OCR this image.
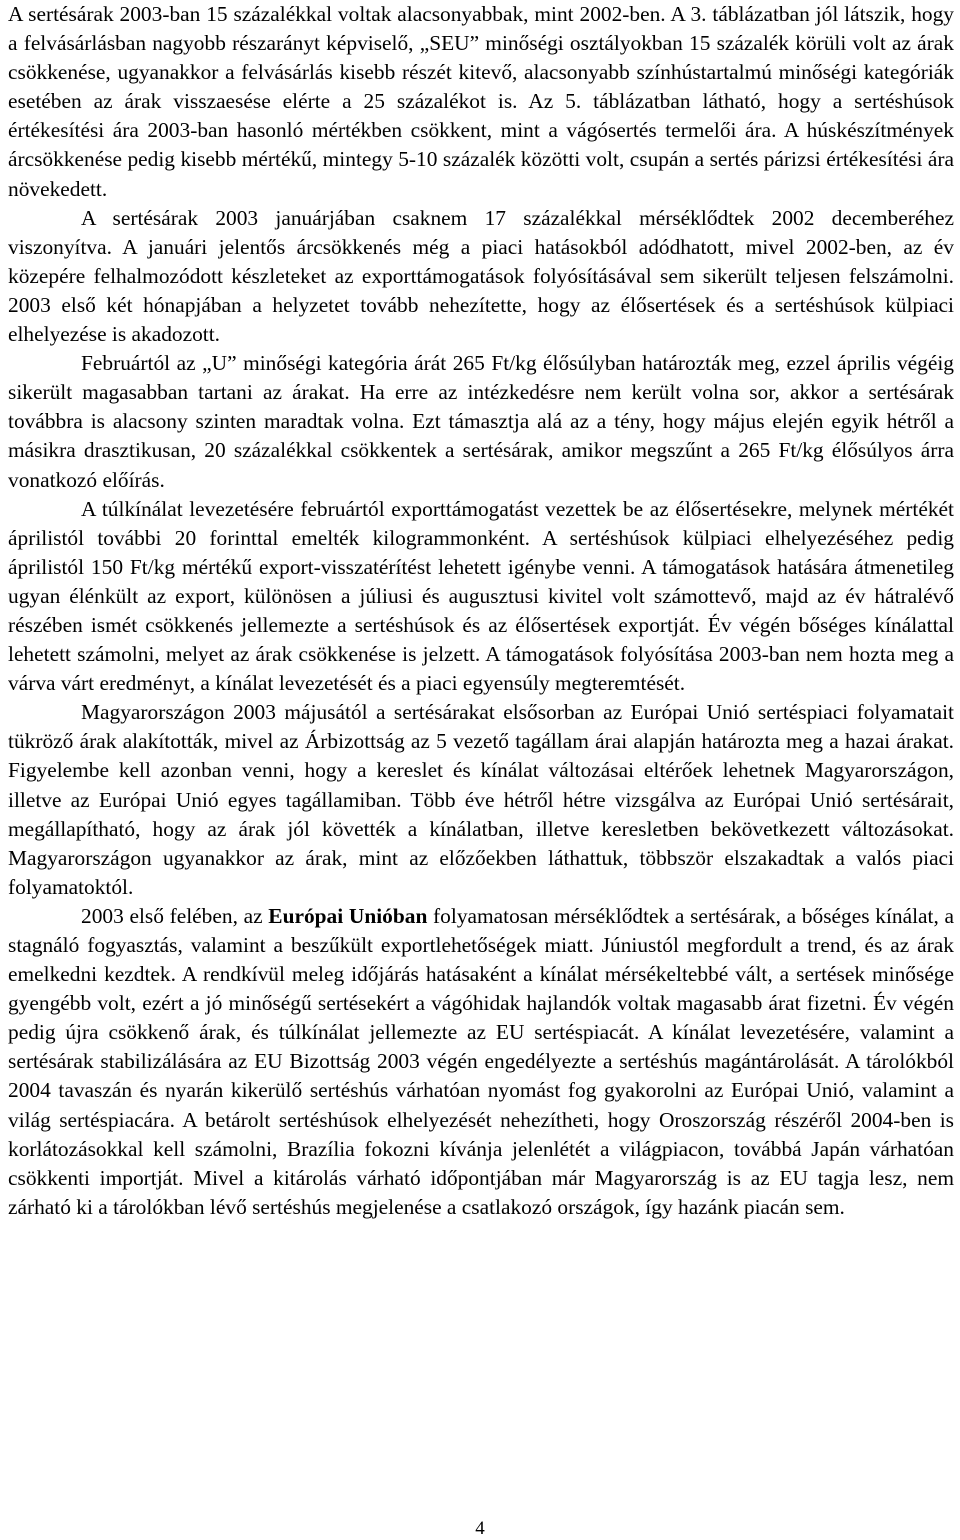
A sertésárak 2003-ban 15 százalékkal voltak alacsonyabbak, mint 2002-ben. A 3. táblázatban jól látszik, hogy a felvásárlásban nagyobb részarányt képviselő, „SEU” minőségi osztályokban 15 százalék körüli volt az árak csökkenése, ugyanakkor a felvásárlás kisebb részét kitevő, alacsonyabb színhústartalmú minőségi kategóriák esetében az árak visszaesése elérte a 25 százalékot is. Az 5. táblázatban látható, hogy a sertéshúsok értékesítési ára 2003-ban hasonló mértékben csökkent, mint a vágósertés termelői ára. A húskészítmények árcsökkenése pedig kisebb mértékű, mintegy 5-10 százalék közötti volt, csupán a sertés párizsi értékesítési ára növekedett.

A sertésárak 2003 januárjában csaknem 17 százalékkal mérséklődtek 2002 decemberéhez viszonyítva. A januári jelentős árcsökkenés még a piaci hatásokból adódhatott, mivel 2002-ben, az év közepére felhalmozódott készleteket az exporttámogatások folyósításával sem sikerült teljesen felszámolni. 2003 első két hónapjában a helyzetet tovább nehezítette, hogy az élősertések és a sertéshúsok külpiaci elhelyezése is akadozott.

Februártól az „U” minőségi kategória árát 265 Ft/kg élősúlyban határozták meg, ezzel április végéig sikerült magasabban tartani az árakat. Ha erre az intézkedésre nem került volna sor, akkor a sertésárak továbbra is alacsony szinten maradtak volna. Ezt támasztja alá az a tény, hogy május elején egyik hétről a másikra drasztikusan, 20 százalékkal csökkentek a sertésárak, amikor megszűnt a 265 Ft/kg élősúlyos árra vonatkozó előírás.

A túlkínálat levezetésére februártól exporttámogatást vezettek be az élősertésekre, melynek mértékét áprilistól további 20 forinttal emelték kilogrammonként. A sertéshúsok külpiaci elhelyezéséhez pedig áprilistól 150 Ft/kg mértékű export-visszatérítést lehetett igénybe venni. A támogatások hatására átmenetileg ugyan élénkült az export, különösen a júliusi és augusztusi kivitel volt számottevő, majd az év hátralévő részében ismét csökkenés jellemezte a sertéshúsok és az élősertések exportját. Év végén bőséges kínálattal lehetett számolni, melyet az árak csökkenése is jelzett. A támogatások folyósítása 2003-ban nem hozta meg a várva várt eredményt, a kínálat levezetését és a piaci egyensúly megteremtését.

Magyarországon 2003 májusától a sertésárakat elsősorban az Európai Unió sertéspiaci folyamatait tükröző árak alakították, mivel az Árbizottság az 5 vezető tagállam árai alapján határozta meg a hazai árakat. Figyelembe kell azonban venni, hogy a kereslet és kínálat változásai eltérőek lehetnek Magyarországon, illetve az Európai Unió egyes tagállamiban. Több éve hétről hétre vizsgálva az Európai Unió sertésárait, megállapítható, hogy az árak jól követték a kínálatban, illetve keresletben bekövetkezett változásokat. Magyarországon ugyanakkor az árak, mint az előzőekben láthattuk, többször elszakadtak a valós piaci folyamatoktól.

2003 első felében, az Európai Unióban folyamatosan mérséklődtek a sertésárak, a bőséges kínálat, a stagnáló fogyasztás, valamint a beszűkült exportlehetőségek miatt. Júniustól megfordult a trend, és az árak emelkedni kezdtek. A rendkívül meleg időjárás hatásaként a kínálat mérsékeltebbé vált, a sertések minősége gyengébb volt, ezért a jó minőségű sertésekért a vágóhidak hajlandók voltak magasabb árat fizetni. Év végén pedig újra csökkenő árak, és túlkínálat jellemezte az EU sertéspiacát. A kínálat levezetésére, valamint a sertésárak stabilizálására az EU Bizottság 2003 végén engedélyezte a sertéshús magántárolását. A tárolókból 2004 tavaszán és nyarán kikerülő sertéshús várhatóan nyomást fog gyakorolni az Európai Unió, valamint a világ sertéspiacára. A betárolt sertéshúsok elhelyezését nehezítheti, hogy Oroszország részéről 2004-ben is korlátozásokkal kell számolni, Brazília fokozni kívánja jelenlétét a világpiacon, továbbá Japán várhatóan csökkenti importját. Mivel a kitárolás várható időpontjában már Magyarország is az EU tagja lesz, nem zárható ki a tárolókban lévő sertéshús megjelenése a csatlakozó országok, így hazánk piacán sem.

4
